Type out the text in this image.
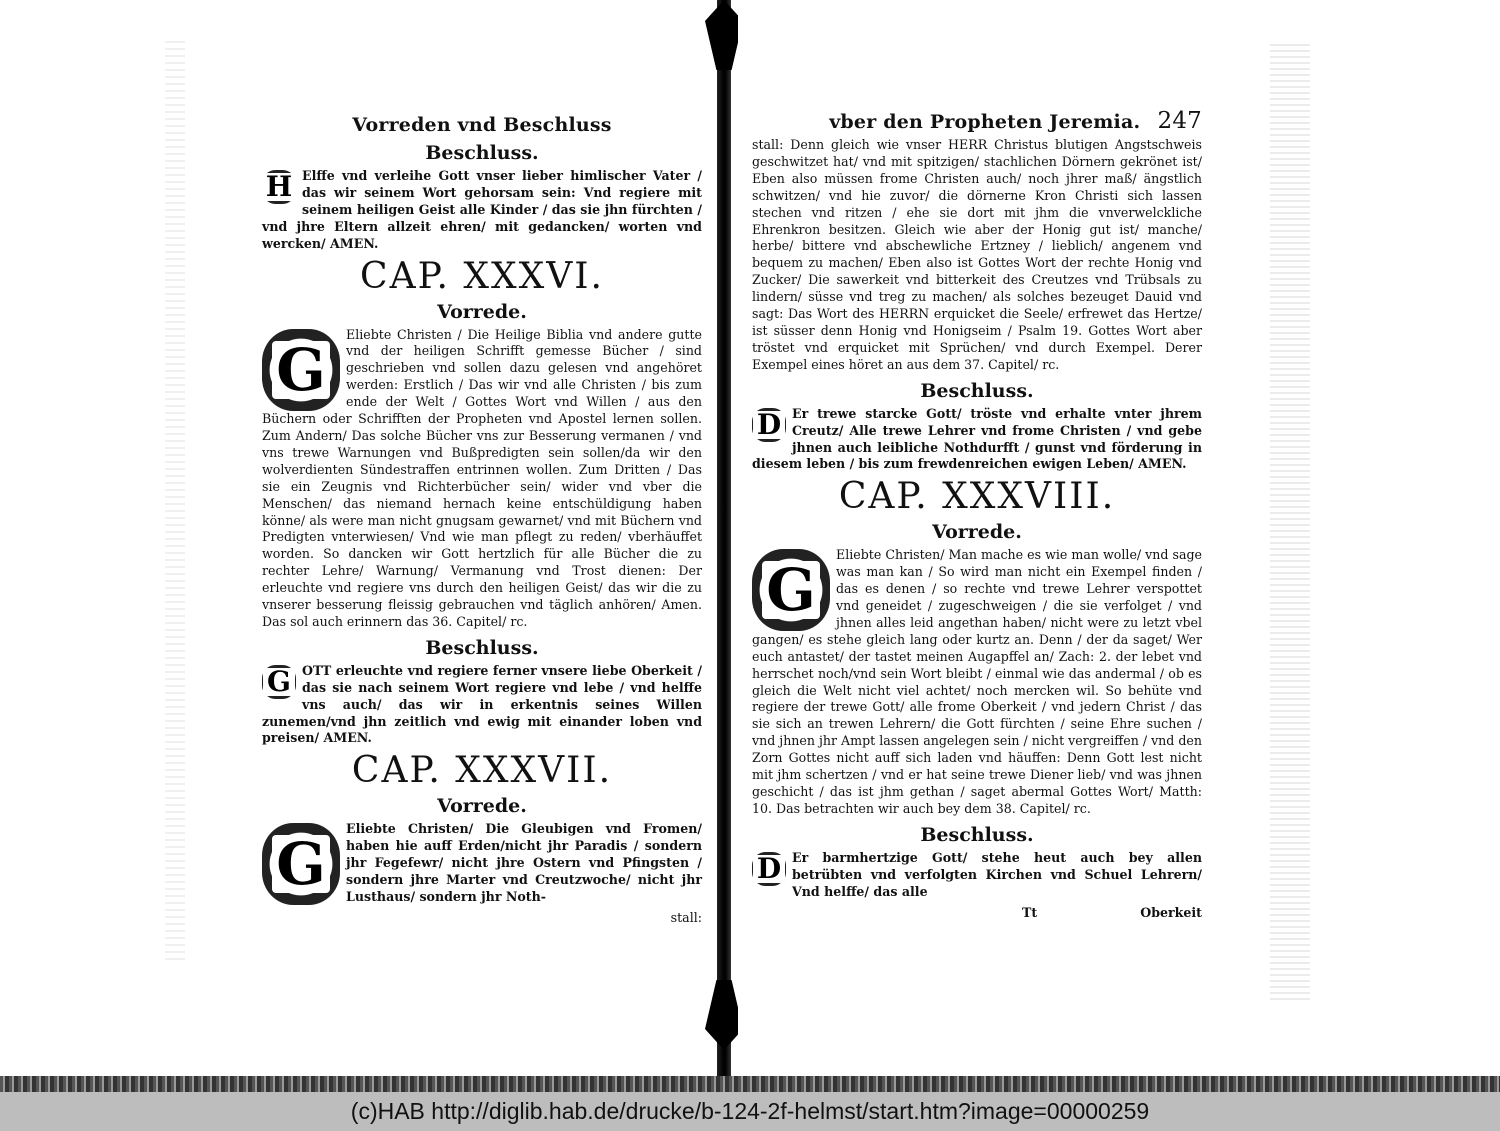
Vorreden vnd Beschluss
Beschluss.
H Elffe vnd verleihe Gott vnser lieber himlischer Vater / das wir seinem Wort gehorsam sein: Vnd regiere mit seinem heiligen Geist alle Kinder / das sie jhn fürchten / vnd jhre Eltern allzeit ehren/ mit gedancken/ worten vnd wercken/ AMEN.
CAP. XXXVI.
Vorrede.
G
Eliebte Christen / Die Heilige Biblia vnd andere gutte vnd der heiligen Schrifft gemesse Bücher / sind geschrieben vnd sollen dazu gelesen vnd angehöret werden: Erstlich / Das wir vnd alle Christen / bis zum ende der Welt / Gottes Wort vnd Willen / aus den Büchern oder Schrifften der Propheten vnd Apostel lernen sollen. Zum Andern/ Das solche Bücher vns zur Besserung vermanen / vnd vns trewe Warnungen vnd Bußpredigten sein sollen/da wir den wolverdienten Sündestraffen entrinnen wollen. Zum Dritten / Das sie ein Zeugnis vnd Richterbücher sein/ wider vnd vber die Menschen/ das niemand hernach keine entschüldigung haben könne/ als were man nicht gnugsam gewarnet/ vnd mit Büchern vnd Predigten vnterwiesen/ Vnd wie man pflegt zu reden/ vberhäuffet worden. So dancken wir Gott hertzlich für alle Bücher die zu rechter Lehre/ Warnung/ Vermanung vnd Trost dienen: Der erleuchte vnd regiere vns durch den heiligen Geist/ das wir die zu vnserer besserung fleissig gebrauchen vnd täglich anhören/ Amen. Das sol auch erinnern das 36. Capitel/ rc.
Beschluss.
G OTT erleuchte vnd regiere ferner vnsere liebe Oberkeit / das sie nach seinem Wort regiere vnd lebe / vnd helffe vns auch/ das wir in erkentnis seines Willen zunemen/vnd jhn zeitlich vnd ewig mit einander loben vnd preisen/ AMEN.
CAP. XXXVII.
Vorrede.
G
Eliebte Christen/ Die Gleubigen vnd Fromen/ haben hie auff Erden/nicht jhr Paradis / sondern jhr Fegefewr/ nicht jhre Ostern vnd Pfingsten / sondern jhre Marter vnd Creutzwoche/ nicht jhr Lusthaus/ sondern jhr Noth-
stall:
vber den Propheten Jeremia. 247
stall: Denn gleich wie vnser HERR Christus blutigen Angstschweis geschwitzet hat/ vnd mit spitzigen/ stachlichen Dörnern gekrönet ist/ Eben also müssen frome Christen auch/ noch jhrer maß/ ängstlich schwitzen/ vnd hie zuvor/ die dörnerne Kron Christi sich lassen stechen vnd ritzen / ehe sie dort mit jhm die vnverwelckliche Ehrenkron besitzen. Gleich wie aber der Honig gut ist/ manche/ herbe/ bittere vnd abschewliche Ertzney / lieblich/ angenem vnd bequem zu machen/ Eben also ist Gottes Wort der rechte Honig vnd Zucker/ Die sawerkeit vnd bitterkeit des Creutzes vnd Trübsals zu lindern/ süsse vnd treg zu machen/ als solches bezeuget Dauid vnd sagt: Das Wort des HERRN erquicket die Seele/ erfrewet das Hertze/ ist süsser denn Honig vnd Honigseim / Psalm 19. Gottes Wort aber tröstet vnd erquicket mit Sprüchen/ vnd durch Exempel. Derer Exempel eines höret an aus dem 37. Capitel/ rc.
Beschluss.
D Er trewe starcke Gott/ tröste vnd erhalte vnter jhrem Creutz/ Alle trewe Lehrer vnd frome Christen / vnd gebe jhnen auch leibliche Nothdurfft / gunst vnd förderung in diesem leben / bis zum frewdenreichen ewigen Leben/ AMEN.
CAP. XXXVIII.
Vorrede.
G
Eliebte Christen/ Man mache es wie man wolle/ vnd sage was man kan / So wird man nicht ein Exempel finden / das es denen / so rechte vnd trewe Lehrer verspottet vnd geneidet / zugeschweigen / die sie verfolget / vnd jhnen alles leid angethan haben/ nicht were zu letzt vbel gangen/ es stehe gleich lang oder kurtz an. Denn / der da saget/ Wer euch antastet/ der tastet meinen Augapffel an/ Zach: 2. der lebet vnd herrschet noch/vnd sein Wort bleibt / einmal wie das andermal / ob es gleich die Welt nicht viel achtet/ noch mercken wil. So behüte vnd regiere der trewe Gott/ alle frome Oberkeit / vnd jedern Christ / das sie sich an trewen Lehrern/ die Gott fürchten / seine Ehre suchen / vnd jhnen jhr Ampt lassen angelegen sein / nicht vergreiffen / vnd den Zorn Gottes nicht auff sich laden vnd häuffen: Denn Gott lest nicht mit jhm schertzen / vnd er hat seine trewe Diener lieb/ vnd was jhnen geschicht / das ist jhm gethan / saget abermal Gottes Wort/ Matth: 10. Das betrachten wir auch bey dem 38. Capitel/ rc.
Beschluss.
D Er barmhertzige Gott/ stehe heut auch bey allen betrübten vnd verfolgten Kirchen vnd Schuel Lehrern/ Vnd helffe/ das alle
Tt	Oberkeit
(c)HAB http://diglib.hab.de/drucke/b-124-2f-helmst/start.htm?image=00000259
